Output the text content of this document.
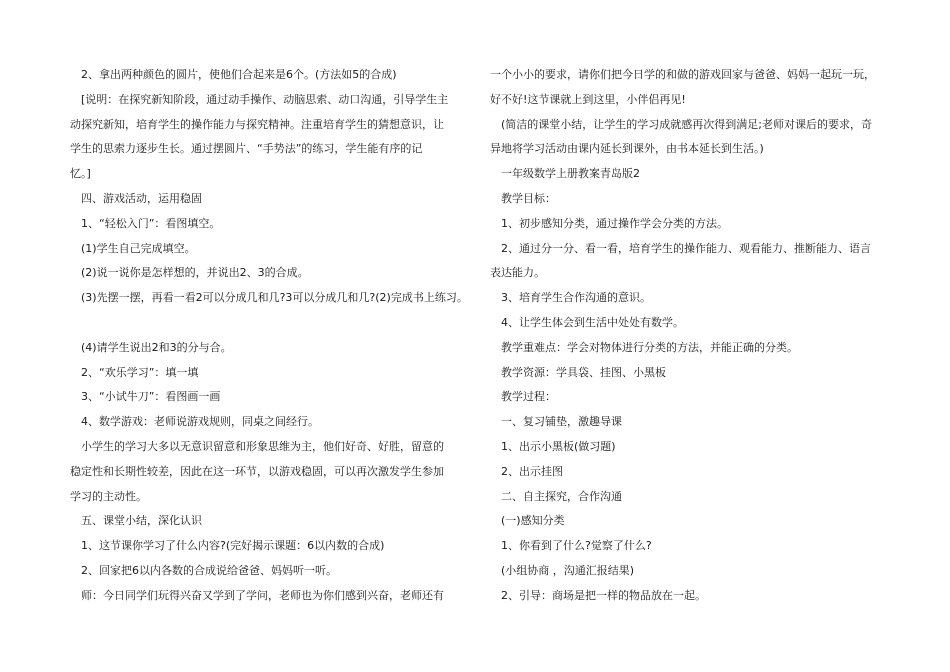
2、拿出两种颜色的圆片，使他们合起来是6个。(方法如5的合成)
[说明：在探究新知阶段，通过动手操作、动脑思索、动口沟通，引导学生主
动探究新知，培育学生的操作能力与探究精神。注重培育学生的猜想意识，让
学生的思索力逐步生长。通过摆圆片、“手势法”的练习，学生能有序的记
忆。]
四、游戏活动，运用稳固
1、“轻松入门”：看图填空。
(1)学生自己完成填空。
(2)说一说你是怎样想的，并说出2、3的合成。
(3)先摆一摆，再看一看2可以分成几和几?3可以分成几和几?(2)完成书上练习。
(4)请学生说出2和3的分与合。
2、“欢乐学习”：填一填
3、“小试牛刀”：看图画一画
4、数学游戏：老师说游戏规则，同桌之间经行。
小学生的学习大多以无意识留意和形象思维为主，他们好奇、好胜，留意的
稳定性和长期性较差，因此在这一环节，以游戏稳固，可以再次激发学生参加
学习的主动性。
五、课堂小结，深化认识
1、这节课你学习了什么内容?(完好揭示课题：6以内数的合成)
2、回家把6以内各数的合成说给爸爸、妈妈听一听。
师：今日同学们玩得兴奋又学到了学问，老师也为你们感到兴奋，老师还有
一个小小的要求，请你们把今日学的和做的游戏回家与爸爸、妈妈一起玩一玩，
好不好!这节课就上到这里，小伴侣再见!
(简洁的课堂小结，让学生的学习成就感再次得到满足;老师对课后的要求，奇
异地将学习活动由课内延长到课外，由书本延长到生活。)
一年级数学上册教案青岛版2
教学目标：
1、初步感知分类，通过操作学会分类的方法。
2、通过分一分、看一看，培育学生的操作能力、观看能力、推断能力、语言
表达能力。
3、培育学生合作沟通的意识。
4、让学生体会到生活中处处有数学。
教学重难点：学会对物体进行分类的方法，并能正确的分类。
教学资源：学具袋、挂图、小黑板
教学过程：
一、复习铺垫，激趣导课
1、出示小黑板(做习题)
2、出示挂图
二、自主探究，合作沟通
(一)感知分类
1、你看到了什么?觉察了什么?
(小组协商 ，沟通汇报结果)
2、引导：商场是把一样的物品放在一起。
